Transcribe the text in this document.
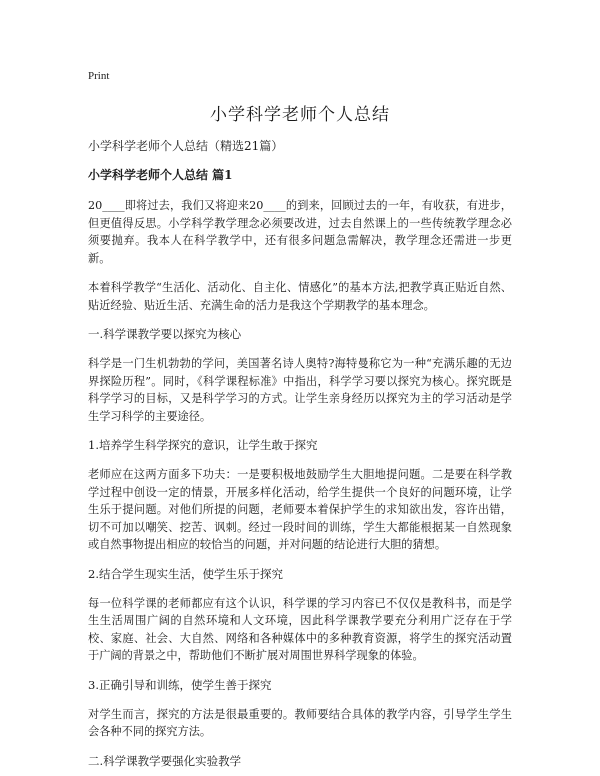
Print
小学科学老师个人总结

小学科学老师个人总结（精选21篇）

小学科学老师个人总结 篇1

20____即将过去，我们又将迎来20____的到来，回顾过去的一年，有收获，有进步，但更值得反思。小学科学教学理念必须要改进，过去自然课上的一些传统教学理念必须要抛弃。我本人在科学教学中，还有很多问题急需解决，教学理念还需进一步更新。

本着科学教学“生活化、活动化、自主化、情感化”的基本方法,把教学真正贴近自然、贴近经验、贴近生活、充满生命的活力是我这个学期教学的基本理念。

一.科学课教学要以探究为核心

科学是一门生机勃勃的学问，美国著名诗人奥特?海特曼称它为一种“充满乐趣的无边界探险历程”。同时，《科学课程标准》中指出，科学学习要以探究为核心。探究既是科学学习的目标，又是科学学习的方式。让学生亲身经历以探究为主的学习活动是学生学习科学的主要途径。

1.培养学生科学探究的意识，让学生敢于探究

老师应在这两方面多下功夫：一是要积极地鼓励学生大胆地提问题。二是要在科学教学过程中创设一定的情景，开展多样化活动，给学生提供一个良好的问题环境，让学生乐于提问题。对他们所提的问题，老师要本着保护学生的求知欲出发，容许出错，切不可加以嘲笑、挖苦、讽刺。经过一段时间的训练，学生大都能根据某一自然现象或自然事物提出相应的较恰当的问题，并对问题的结论进行大胆的猜想。

2.结合学生现实生活，使学生乐于探究

每一位科学课的老师都应有这个认识，科学课的学习内容已不仅仅是教科书，而是学生生活周围广阔的自然环境和人文环境，因此科学课教学要充分利用广泛存在于学校、家庭、社会、大自然、网络和各种媒体中的多种教育资源，将学生的探究活动置于广阔的背景之中，帮助他们不断扩展对周围世界科学现象的体验。

3.正确引导和训练，使学生善于探究

对学生而言，探究的方法是很最重要的。教师要结合具体的教学内容，引导学生学生会各种不同的探究方法。

二.科学课教学要强化实验教学
